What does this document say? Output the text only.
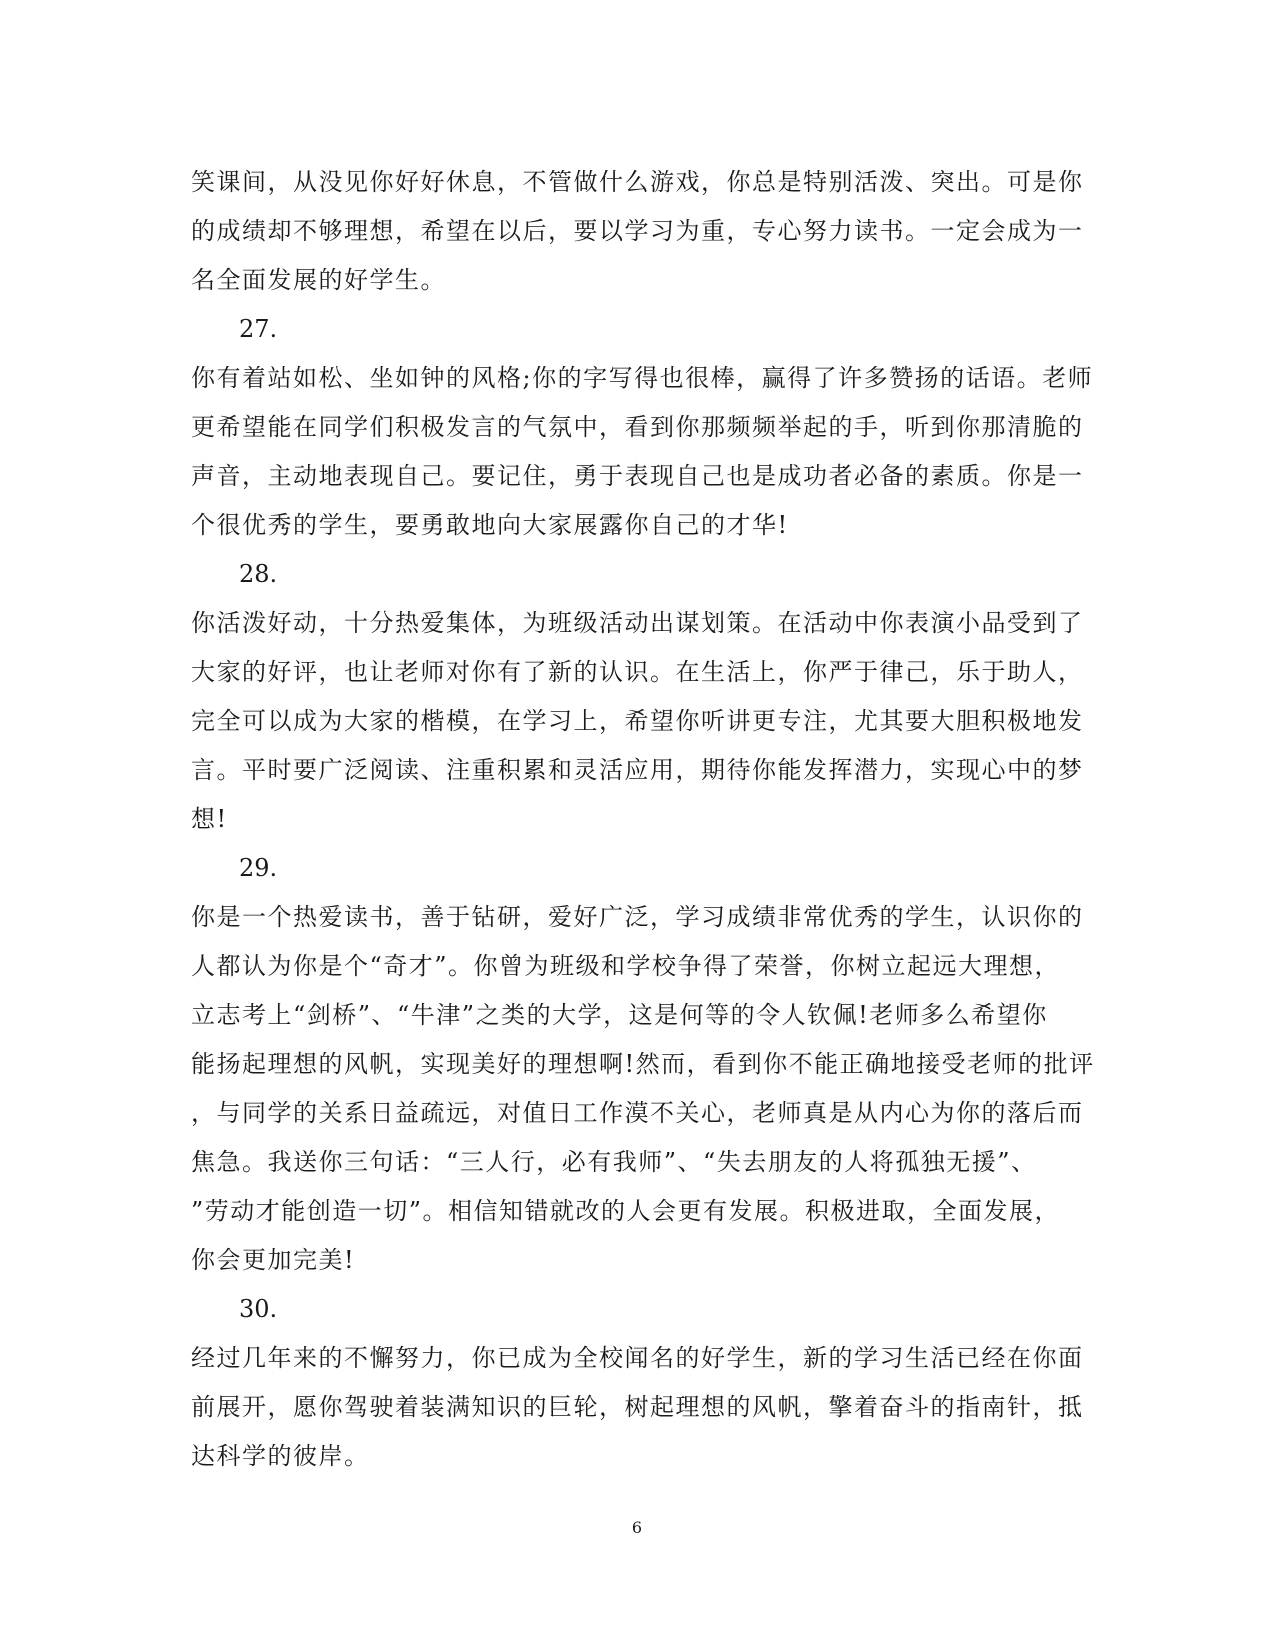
笑课间，从没见你好好休息，不管做什么游戏，你总是特别活泼、突出。可是你
的成绩却不够理想，希望在以后，要以学习为重，专心努力读书。一定会成为一
名全面发展的好学生。
27.
你有着站如松、坐如钟的风格;你的字写得也很棒，赢得了许多赞扬的话语。老师
更希望能在同学们积极发言的气氛中，看到你那频频举起的手，听到你那清脆的
声音，主动地表现自己。要记住，勇于表现自己也是成功者必备的素质。你是一
个很优秀的学生，要勇敢地向大家展露你自己的才华!
28.
你活泼好动，十分热爱集体，为班级活动出谋划策。在活动中你表演小品受到了
大家的好评，也让老师对你有了新的认识。在生活上，你严于律己，乐于助人，
完全可以成为大家的楷模，在学习上，希望你听讲更专注，尤其要大胆积极地发
言。平时要广泛阅读、注重积累和灵活应用，期待你能发挥潜力，实现心中的梦
想!
29.
你是一个热爱读书，善于钻研，爱好广泛，学习成绩非常优秀的学生，认识你的
人都认为你是个“奇才”。你曾为班级和学校争得了荣誉，你树立起远大理想，
立志考上“剑桥”、“牛津”之类的大学，这是何等的令人钦佩!老师多么希望你
能扬起理想的风帆，实现美好的理想啊!然而，看到你不能正确地接受老师的批评
，与同学的关系日益疏远，对值日工作漠不关心，老师真是从内心为你的落后而
焦急。我送你三句话：“三人行，必有我师”、“失去朋友的人将孤独无援”、
”劳动才能创造一切”。相信知错就改的人会更有发展。积极进取，全面发展，
你会更加完美!
30.
经过几年来的不懈努力，你已成为全校闻名的好学生，新的学习生活已经在你面
前展开，愿你驾驶着装满知识的巨轮，树起理想的风帆，擎着奋斗的指南针，抵
达科学的彼岸。
6
